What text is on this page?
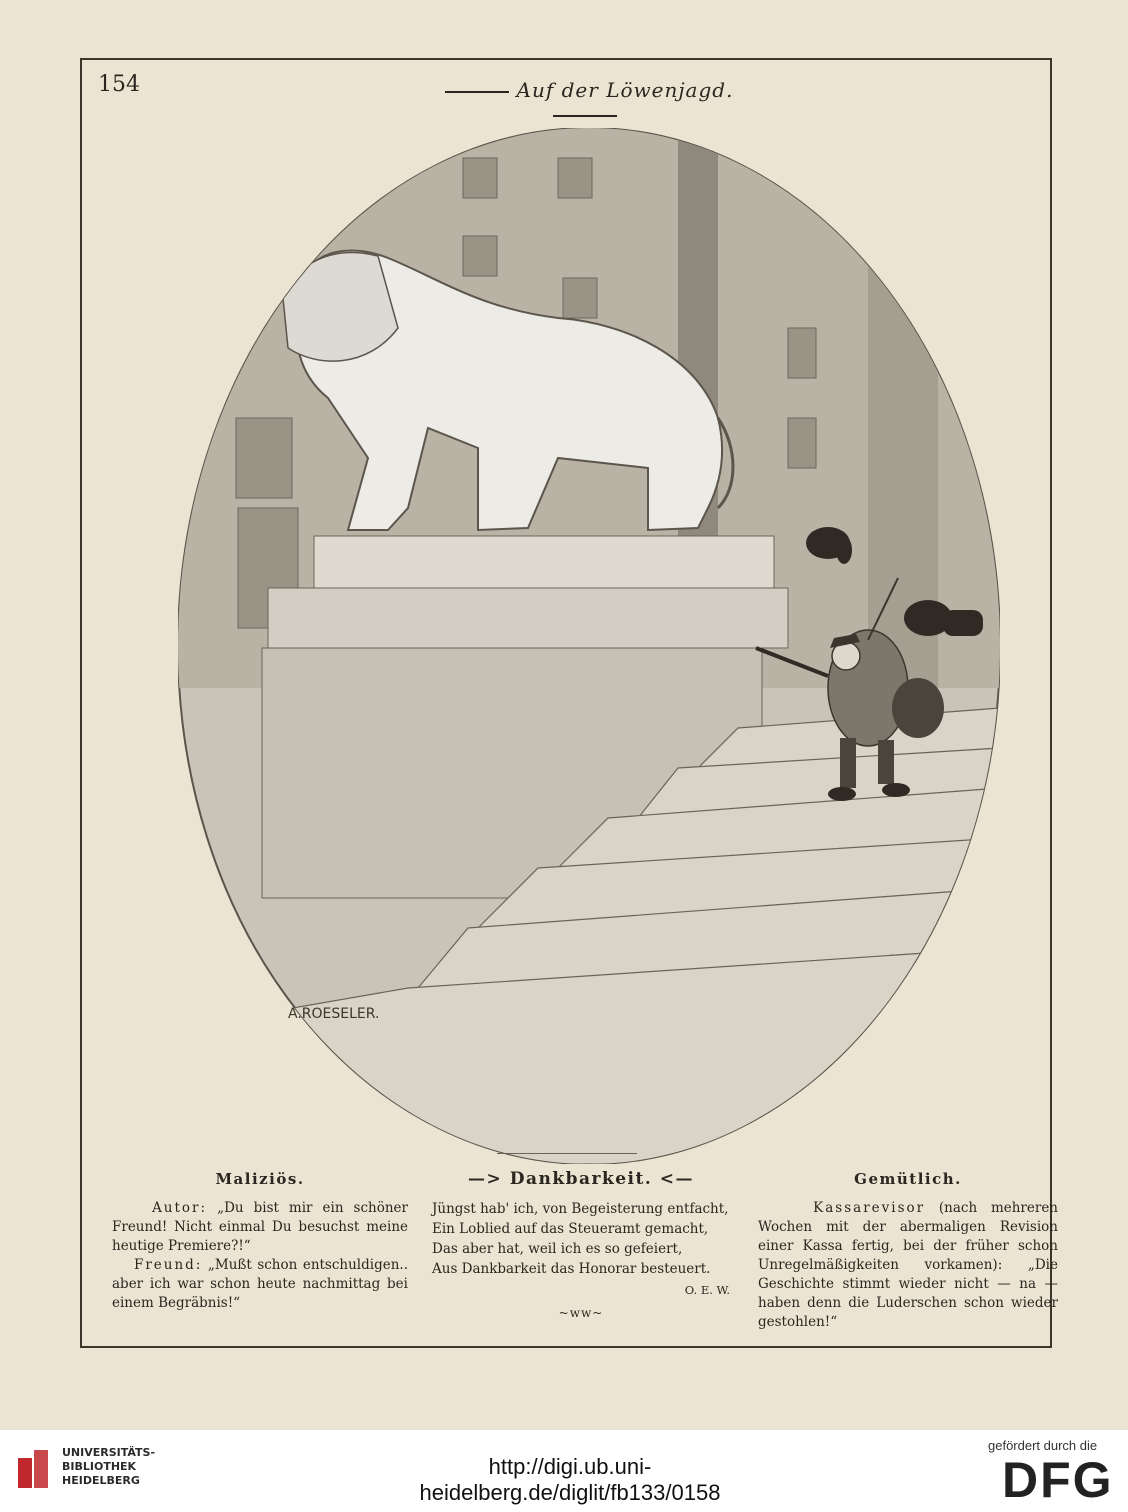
154	Auf der Löwenjagd.
A.ROESELER.
Maliziös.

Autor: „Du bist mir ein schöner Freund! Nicht einmal Du besuchst meine heutige Premiere?!“

Freund: „Mußt schon entschuldigen.. aber ich war schon heute nachmittag bei einem Begräbnis!“

—> Dankbarkeit. <—
Jüngst hab' ich, von Begeisterung entfacht,
Ein Loblied auf das Steueramt gemacht,
Das aber hat, weil ich es so gefeiert,
Aus Dankbarkeit das Honorar besteuert.
O. E. W.
~ww~
Gemütlich.

Kassarevisor (nach mehreren Wochen mit der abermaligen Revision einer Kassa fertig, bei der früher schon Unregelmäßigkeiten vorkamen): „Die Geschichte stimmt wieder nicht — na — haben denn die Luderschen schon wieder gestohlen!“

UNIVERSITÄTS-
BIBLIOTHEK
HEIDELBERG
http://digi.ub.uni-heidelberg.de/diglit/fb133/0158
gefördert durch die
DFG
